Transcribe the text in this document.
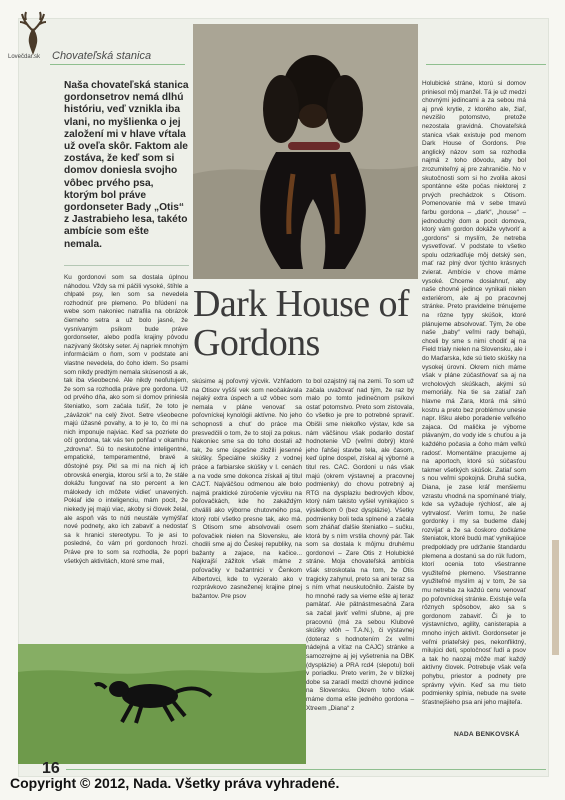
Lovečdar.sk Chovateľská stanica
Naša chovateľská stanica gordonsetrov nemá dlhú históriu, veď vznikla iba vlani, no myšlienka o jej založení mi v hlave vŕtala už oveľa skôr. Faktom ale zostáva, že keď som si domov doniesla svojho vôbec prvého psa, ktorým bol práve gordonseter Bady „Otis“ z Jastrabieho lesa, takéto ambície som ešte nemala.
Dark House of Gordons
Ku gordonovi som sa dostala úplnou náhodou. Vždy sa mi páčili vysoké, štíhle a chlpaté psy, len som sa nevedela rozhodnúť pre plemeno. Po bľúdení na webe som nakoniec natrafila na obrázok čierneho setra a už bolo jasné, že vysnívaným psíkom bude práve gordonseter, alebo podľa krajiny pôvodu nazývaný škótsky seter. Aj napriek mnohým informáciám o ňom, som v podstate ani vlastne nevedela, do čoho idem. So psami som nikdy predtým nemala skúsenosti a ak, tak iba všeobecné. Ale nikdy neoľutujem, že som sa rozhodla práve pre gordona. Už od prvého dňa, ako som si domov priniesla šteniatko, som začala tušiť, že toto je „záväzok“ na celý život. Setre všeobecne majú úžasné povahy, a to je to, čo mi na nich imponuje najviac. Keď sa pozriete do očí gordona, tak vás ten pohľad v okamihu „zdrovna“. Sú to neskutočne inteligentné, empatické, temperamentné, bravé a dôstojné psy. Pkl sa mi na nich aj ich obrovská energia, ktorou srší a to, že stále dokážu fungovať na sto percent a len málokedy ich môžete vidieť unavených. Pokiaľ ide o inteligenciu, mám pocit, že niekedy jej majú viac, akoby si človek želal, ale aspoň vás to núti neustále vymýšľať nové podnety, ako ich zabaviť a nedostať sa k hranici stereotypu. To je asi to posledné, čo vám pri gordonoch hrozí. Práve pre to som sa rozhodla, že popri všetkých aktivitách, ktoré sme mali,
skúsime aj poľovný výcvik. Vzhľadom na Otisov vyšší vek som neočakávala nejaký extra úspech a už vôbec som nemala v pláne venovať sa poľovníckej kynológii aktívne. No jeho schopnosti a chuť do práce ma presvedčili o tom, že to stojí za pokus. Nakoniec sme sa do toho dostali až tak, že sme úspešne zložili jesenné skúšky. Špeciálne skúšky z vodnej práce a farbiarske skúšky v I. cenách a na vode sme dokonca získali aj titul CACT. Najväčšou odmenou ale bolo najmä praktické zúročenie výcviku na poľovačkách, kde ho zakaždým chválili ako výborne chutovného psa, ktorý robí všetko presne tak, ako má. S Otisom sme absolvovali osem poľovačiek nielen na Slovensku, ale chodili sme aj do Českej republiky, na bažanty a zajace, na kačice... Najkrajší zážitok však máme z poľovačky v bažantnici v Čenkom Albertovci, kde to vyzeralo ako v rozprávkovo zasneženej krajine plnej bažantov. Pre psov
to bol ozajstný raj na zemi. To som už začala uvažovať nad tým, že raz by malo po tomto jedinečnom psíkovi ostať potomstvo. Preto som zistovala, čo všetko je pre to potrebné spraviť. Obišli sme niekoľko výstav, kde sa nám väčšinou však podarilo dostať hodnotenie VD (veľmi dobrý) ktoré jeho ľahšej stavbe tela, ale časom, keď úplne dospel, získal aj výborné a titul res. CAC. Gordoni u nás však majú (okrem výstavnej a pracovnej podmienky) do chovu potrebný aj RTG na dysplaziu bedrových kĺbov, ktorý nám takisto vyšiel vynikajúco s výsledkom 0 (bez dysplázie). Všetky podmienky boli teda splnené a začala som zháňať ďalšie šteniatko – sučku, ktorá by s ním vrstila chovný pár. Tak som sa dostala k môjmu druhému gordonovi – Zare Otis z Holubické stráne. Moja chovateľská ambícia však stroskotala na tom, že Otis tragicky zahynul, preto sa ani teraz sa s ním vrhat neuskutočnilo. Zaiste by ho mnohé rady sa vieme ešte aj teraz pamätať. Ale pätnástmesačná Zara sa začal javiť veľmi sľubne, aj pre pracovnú (má za sebou Klubové skúšky vlôh – T.A.N.), či výstavnej (doteraz s hodnotením 2x veľmi nádejná a víťaz na CAJC) stránke a samozrejme aj jej vyšetrenia na DBK (dysplázie) a PRA rcd4 (slepotu) boli v poriadku. Preto verím, že v blízkej dobe sa zaradí medzi chovné jedince na Slovensku. Okrem toho však máme doma ešte jedného gordona – Xtreem „Diana“ z
Holubické stráne, ktorú si domov priniesol môj manžel. Tá je už medzi chovnými jedincami a za sebou má aj prvé krytie, z ktorého ale, žiaľ, nevzišlo potomstvo, pretože nezostala gravidná. Chovateľská stanica však existuje pod menom Dark House of Gordons. Pre anglický názov som sa rozhodla najmä z toho dôvodu, aby bol zrozumiteľný aj pre zahraničie. No v skutočnosti som si ho zvolila akosi spontánne ešte počas niektorej z prvých prechádzok s Otisom. Pomenovanie má v sebe tmavú farbu gordona – „dark“, „house“ – jednoduchý dom a pocit domova, ktorý vám gordon dokáže vytvoriť a „gordons“ si myslím, že netreba vysvetľovať. V podstate to všetko spolu odzrkadľuje môj detský sen, mať raz plný dvor týchto krásnych zvierat. Ambície v chove máme vysoké. Chceme dosiahnuť, aby naše chovné jedince vynikali nielen exteriérom, ale aj po pracovnej stránke. Preto pravidelne trénujeme na rôzne typy skúšok, ktoré plánujeme absolvovať. Tým, že obe naše „baby“ veľmi rady behajú, chceli by sme s nimi chodiť aj na Field trialy nielen na Slovensku, ale i do Maďarska, kde sú tieto skúšky na vysokej úrovni. Okrem nich máme však v pláne zúčastňovať sa aj na vrcholových skúškach, akými sú memoriály. Na tie sa zatiaľ zaň hlavne má Zara, ktorá má silnú kostru a preto bez problémov unesie napr. líšku alebo poradenie veľkého zajaca. Od malička je výborne plávaným, do vody ide s chuťou a ja každého počasia a čoho mám veľkú radosť. Momentálne pracujeme aj na aportoch, ktoré sú súčasťou takmer všetkých skúšok. Zatiaľ som s nou veľmi spokojná. Druhá sučka, Diana, je zase kráľ menšiemu vzrastu vhodná na spomínané trialy, kde sa vyžaduje rýchlosť, ale aj vytrvalosť. Verím tomu, že naše gordonky i my sa budeme ďalej rozvíjať a že sa čoskoro dočkáme šteniatok, ktoré budú mať vynikajúce predpoklady pre udržanie štandardu plemena a dostanú sa do rúk ľudom, ktorí ocenia toto všestranne využiteľné plemeno. Všestranne využiteľné myslím aj v tom, že sa mu netreba za každú cenu venovať po poľovníckej stránke. Existuje veľa rôznych spôsobov, ako sa s gordonom zabaviť. Či je to výstavníctvo, agility, canisterapia a mnoho iných aktivít. Gordonseter je veľmi priateľský pes, nekonfliktný, milujúci deti, spoločnosť ľudí a psov a tak ho naozaj môže mať každý aktívny človek. Potrebuje však veľa pohybu, priestor a podnety pre správny vývin. Keď sa mu tieto podmienky splnia, nebude na svete šťastnejšieho psa ani jeho majiteľa.
NADA BENKOVSKÁ
16
Copyright © 2012, Nada. Všetky práva vyhradené.
